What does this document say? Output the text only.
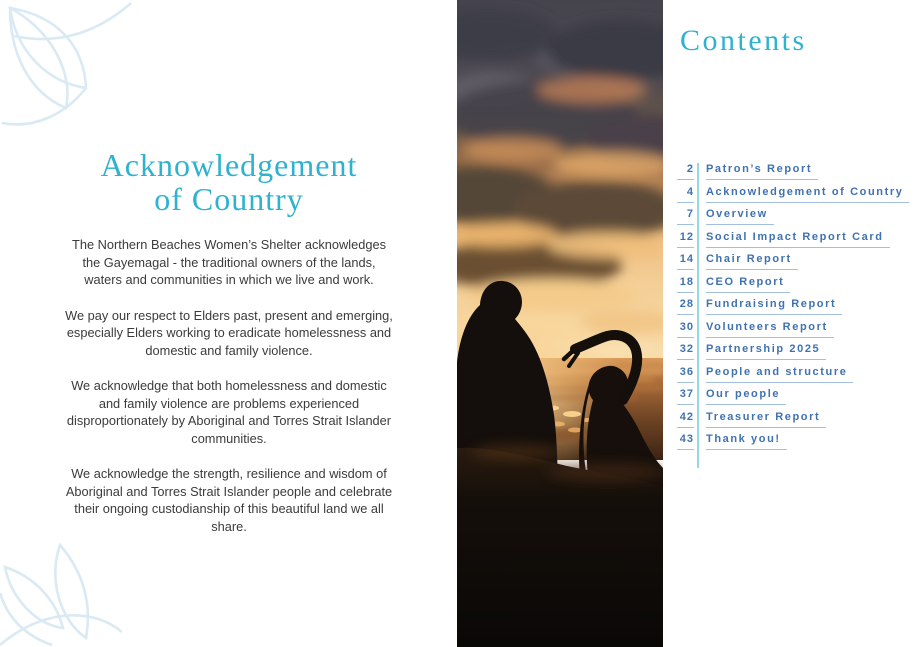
Acknowledgement
of Country

The Northern Beaches Women’s Shelter acknowledges the Gayemagal - the traditional owners of the lands, waters and communities in which we live and work.

We pay our respect to Elders past, present and emerging, especially Elders working to eradicate homelessness and domestic and family violence.

We acknowledge that both homelessness and domestic and family violence are problems experienced disproportionately by Aboriginal and Torres Strait Islander communities.

We acknowledge the strength, resilience and wisdom of Aboriginal and Torres Strait Islander people and celebrate their ongoing custodianship of this beautiful land we all share.

Contents
2 Patron’s Report
4 Acknowledgement of Country
7 Overview
12 Social Impact Report Card
14 Chair Report
18 CEO Report
28 Fundraising Report
30 Volunteers Report
32 Partnership 2025
36 People and structure
37 Our people
42 Treasurer Report
43 Thank you!
